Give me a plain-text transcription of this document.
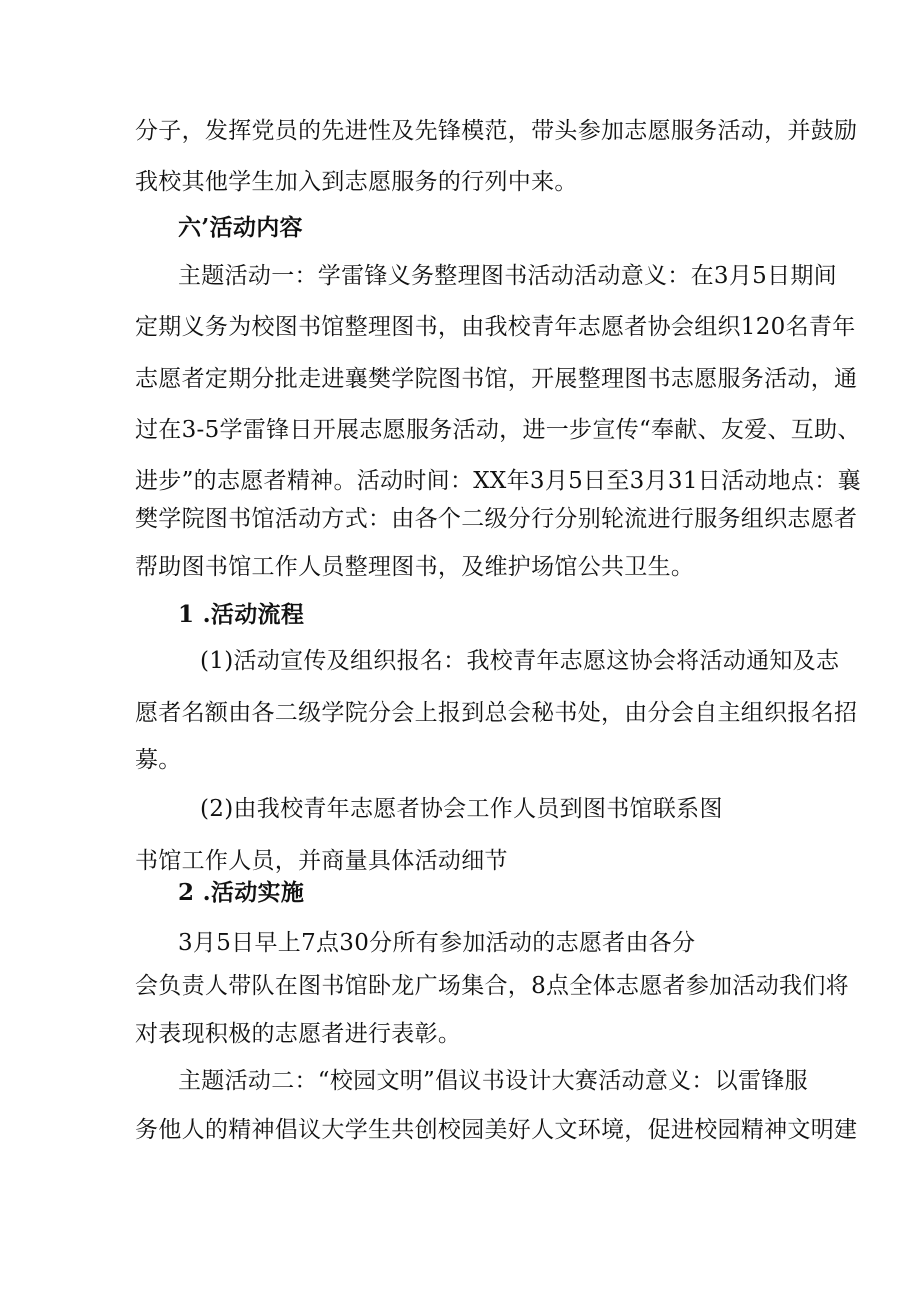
分子，发挥党员的先进性及先锋模范，带头参加志愿服务活动，并鼓励
我校其他学生加入到志愿服务的行列中来。
六’活动内容
主题活动一：学雷锋义务整理图书活动活动意义：在3月5日期间
定期义务为校图书馆整理图书，由我校青年志愿者协会组织120名青年
志愿者定期分批走进襄樊学院图书馆，开展整理图书志愿服务活动，通
过在3-5学雷锋日开展志愿服务活动，进一步宣传“奉献、友爱、互助、
进步”的志愿者精神。活动时间：XX年3月5日至3月31日活动地点：襄
樊学院图书馆活动方式：由各个二级分行分别轮流进行服务组织志愿者
帮助图书馆工作人员整理图书，及维护场馆公共卫生。
1 .活动流程
(1)活动宣传及组织报名：我校青年志愿这协会将活动通知及志
愿者名额由各二级学院分会上报到总会秘书处，由分会自主组织报名招
募。
(2)由我校青年志愿者协会工作人员到图书馆联系图
书馆工作人员，并商量具体活动细节
2 .活动实施
3月5日早上7点30分所有参加活动的志愿者由各分
会负责人带队在图书馆卧龙广场集合，8点全体志愿者参加活动我们将
对表现积极的志愿者进行表彰。
主题活动二：“校园文明”倡议书设计大赛活动意义：以雷锋服
务他人的精神倡议大学生共创校园美好人文环境，促进校园精神文明建
